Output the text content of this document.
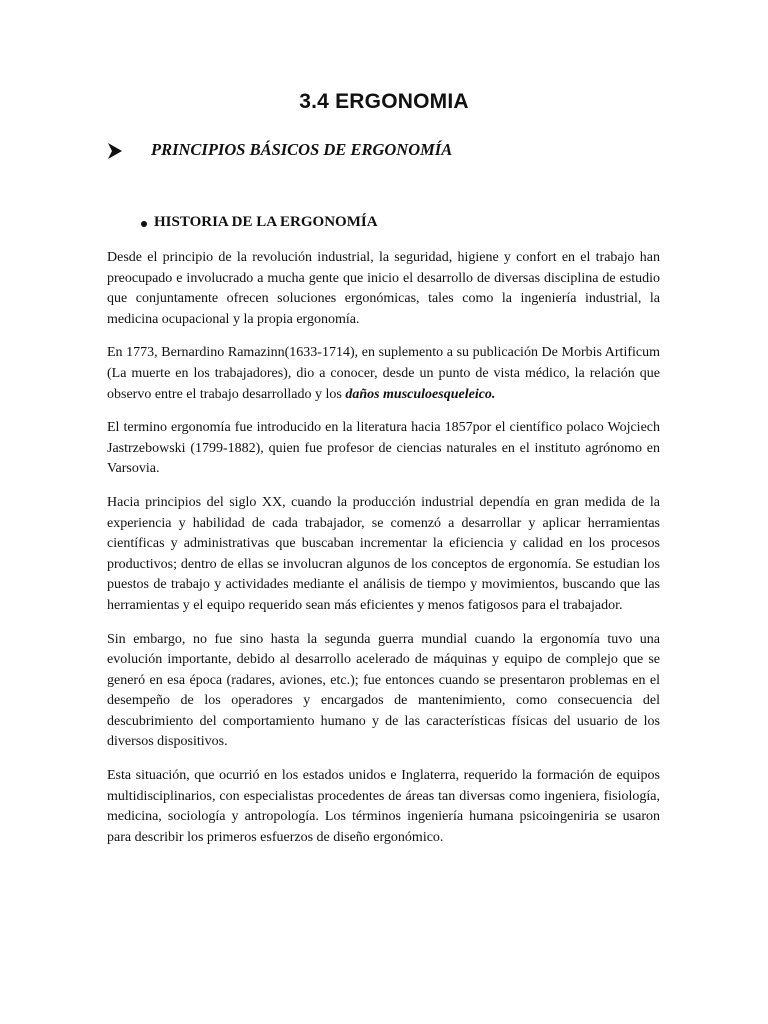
3.4 ERGONOMIA
PRINCIPIOS BÁSICOS DE ERGONOMÍA
HISTORIA DE LA ERGONOMÍA

Desde el principio de la revolución industrial, la seguridad, higiene y confort en el trabajo han preocupado e involucrado a mucha gente que inicio el desarrollo de diversas disciplina de estudio que conjuntamente ofrecen soluciones ergonómicas, tales como la ingeniería industrial, la medicina ocupacional y la propia ergonomía.

En 1773, Bernardino Ramazinn(1633-1714), en suplemento a su publicación De Morbis Artificum (La muerte en los trabajadores), dio a conocer, desde un punto de vista médico, la relación que observo entre el trabajo desarrollado y los daños musculoesqueleico.

El termino ergonomía fue introducido en la literatura hacia 1857por el científico polaco Wojciech Jastrzebowski (1799-1882), quien fue profesor de ciencias naturales en el instituto agrónomo en Varsovia.

Hacia principios del siglo XX, cuando la producción industrial dependía en gran medida de la experiencia y habilidad de cada trabajador, se comenzó a desarrollar y aplicar herramientas científicas y administrativas que buscaban incrementar la eficiencia y calidad en los procesos productivos; dentro de ellas se involucran algunos de los conceptos de ergonomía. Se estudian los puestos de trabajo y actividades mediante el análisis de tiempo y movimientos, buscando que las herramientas y el equipo requerido sean más eficientes y menos fatigosos para el trabajador.

Sin embargo, no fue sino hasta la segunda guerra mundial cuando la ergonomía tuvo una evolución importante, debido al desarrollo acelerado de máquinas y equipo de complejo que se generó en esa época (radares, aviones, etc.); fue entonces cuando se presentaron problemas en el desempeño de los operadores y encargados de mantenimiento, como consecuencia del descubrimiento del comportamiento humano y de las características físicas del usuario de los diversos dispositivos.

Esta situación, que ocurrió en los estados unidos e Inglaterra, requerido la formación de equipos multidisciplinarios, con especialistas procedentes de áreas tan diversas como ingeniera, fisiología, medicina, sociología y antropología. Los términos ingeniería humana psicoingeniria se usaron para describir los primeros esfuerzos de diseño ergonómico.
